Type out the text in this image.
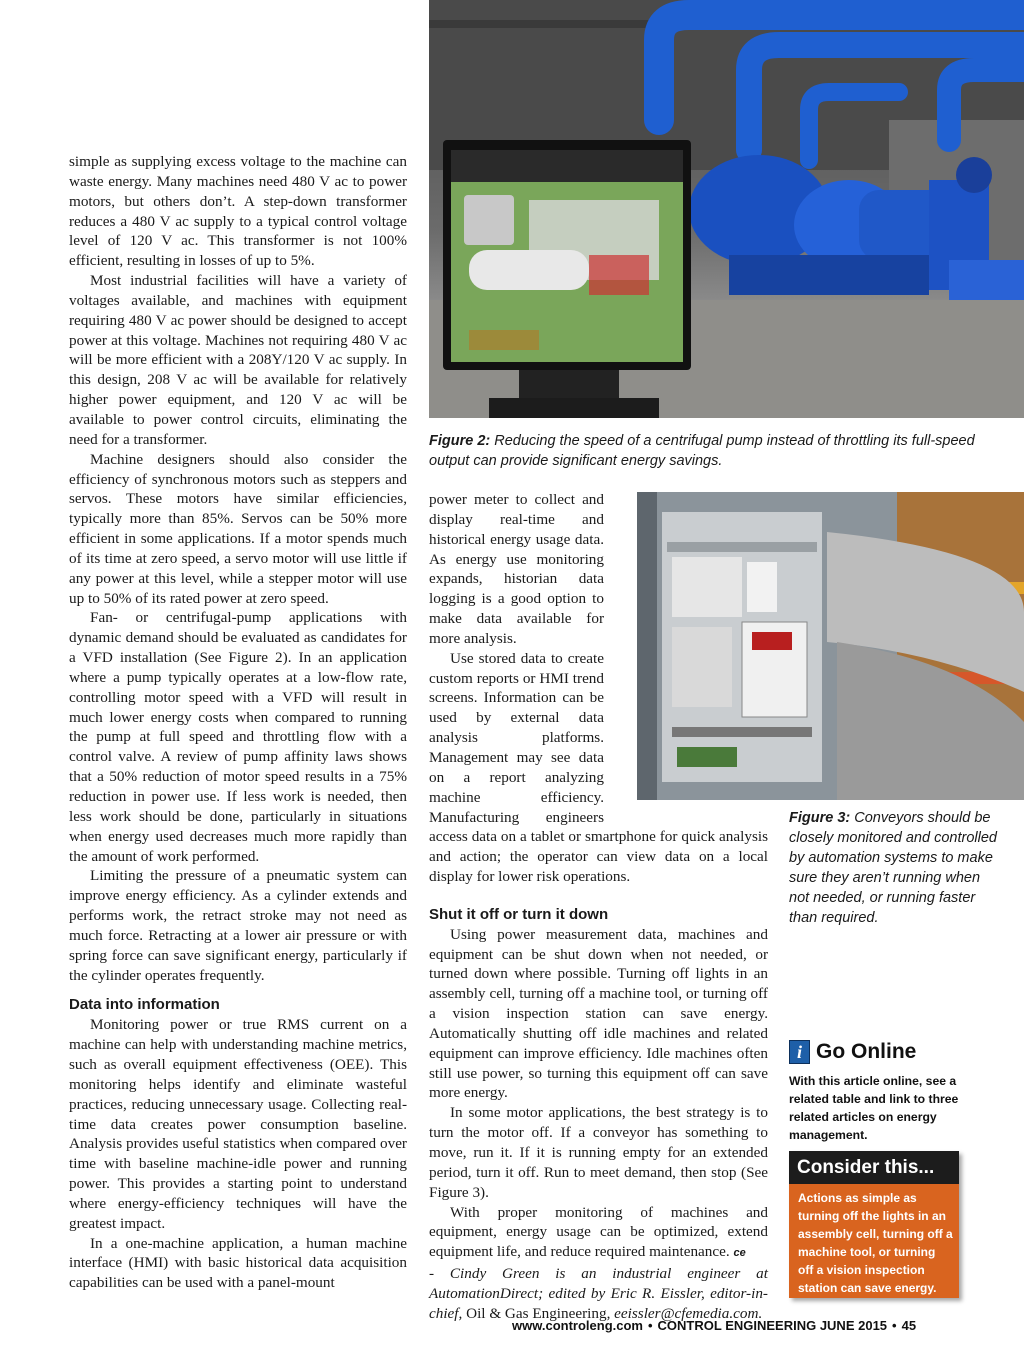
simple as supplying excess voltage to the machine can waste energy. Many machines need 480 V ac to power motors, but others don’t. A step-down transformer reduces a 480 V ac supply to a typical control voltage level of 120 V ac. This transformer is not 100% efficient, resulting in losses of up to 5%.

Most industrial facilities will have a variety of voltages available, and machines with equipment requiring 480 V ac power should be designed to accept power at this voltage. Machines not requiring 480 V ac will be more efficient with a 208Y/120 V ac supply. In this design, 208 V ac will be available for relatively higher power equipment, and 120 V ac will be available to power control circuits, eliminating the need for a transformer.

Machine designers should also consider the efficiency of synchronous motors such as steppers and servos. These motors have similar efficiencies, typically more than 85%. Servos can be 50% more efficient in some applications. If a motor spends much of its time at zero speed, a servo motor will use little if any power at this level, while a stepper motor will use up to 50% of its rated power at zero speed.

Fan- or centrifugal-pump applications with dynamic demand should be evaluated as candidates for a VFD installation (See Figure 2). In an application where a pump typically operates at a low-flow rate, controlling motor speed with a VFD will result in much lower energy costs when compared to running the pump at full speed and throttling flow with a control valve. A review of pump affinity laws shows that a 50% reduction of motor speed results in a 75% reduction in power use. If less work is needed, then less work should be done, particularly in situations when energy used decreases much more rapidly than the amount of work performed.

Limiting the pressure of a pneumatic system can improve energy efficiency. As a cylinder extends and performs work, the retract stroke may not need as much force. Retracting at a lower air pressure or with spring force can save significant energy, particularly if the cylinder operates frequently.

Data into information

Monitoring power or true RMS current on a machine can help with understanding machine metrics, such as overall equipment effectiveness (OEE). This monitoring helps identify and eliminate wasteful practices, reducing unnecessary usage. Collecting real-time data creates power consumption baseline. Analysis provides useful statistics when compared over time with baseline machine-idle power and running power. This provides a starting point to understand where energy-efficiency techniques will have the greatest impact.

In a one-machine application, a human machine interface (HMI) with basic historical data acquisition capabilities can be used with a panel-mount

power meter to collect and display real-time and historical energy usage data. As energy use monitoring expands, historian data logging is a good option to make data available for more analysis.

Use stored data to create custom reports or HMI trend screens. Information can be used by external data analysis platforms. Management may see data on a report analyzing machine efficiency. Manufacturing engineers access data on a tablet or smartphone for quick analysis and action; the operator can view data on a local display for lower risk operations.

Shut it off or turn it down

Using power measurement data, machines and equipment can be shut down when not needed, or turned down where possible. Turning off lights in an assembly cell, turning off a machine tool, or turning off a vision inspection station can save energy. Automatically shutting off idle machines and related equipment can improve efficiency. Idle machines often still use power, so turning this equipment off can save more energy.

In some motor applications, the best strategy is to turn the motor off. If a conveyor has something to move, run it. If it is running empty for an extended period, turn it off. Run to meet demand, then stop (See Figure 3).

With proper monitoring of machines and equipment, energy usage can be optimized, extend equipment life, and reduce required maintenance. ce

- Cindy Green is an industrial engineer at AutomationDirect; edited by Eric R. Eissler, editor-in-chief, Oil & Gas Engineering, eeissler@cfemedia.com.

Figure 2: Reducing the speed of a centrifugal pump instead of throttling its full-speed output can provide significant energy savings.
Figure 3: Conveyors should be closely monitored and controlled by automation systems to make sure they aren’t running when not needed, or running faster than required.
i Go Online
With this article online, see a related table and link to three related articles on energy management.
Consider this...
Actions as simple as turning off the lights in an assembly cell, turning off a machine tool, or turning off a vision inspection station can save energy.
www.controleng.com • CONTROL ENGINEERING JUNE 2015 • 45
